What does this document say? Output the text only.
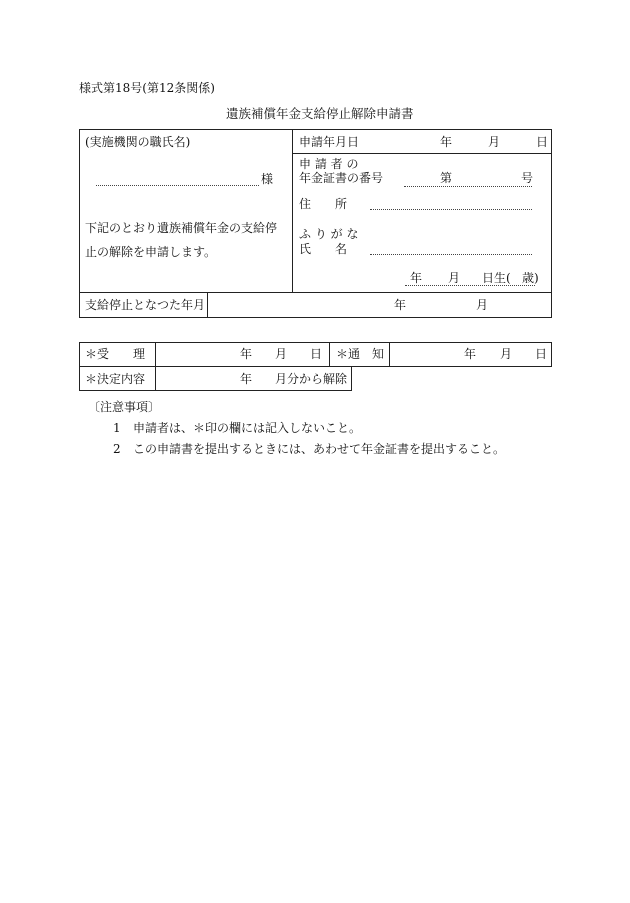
様式第18号(第12条関係)
遺族補償年金支給停止解除申請書
(実施機関の職氏名)
様
下記のとおり遺族補償年金の支給停
止の解除を申請します。
申請年月日	年	月	日
申 請 者 の
年金証書の番号	第	号
住　　所
ふ り が な
氏　　名
年 月 日生( 歳)
支給停止となつた年月	年	月
＊受　　理	年 月 日 ＊通　知	年 月 日
＊決定内容	年 月分から解除
〔注意事項〕
1 申請者は、＊印の欄には記入しないこと。
2 この申請書を提出するときには、あわせて年金証書を提出すること。
